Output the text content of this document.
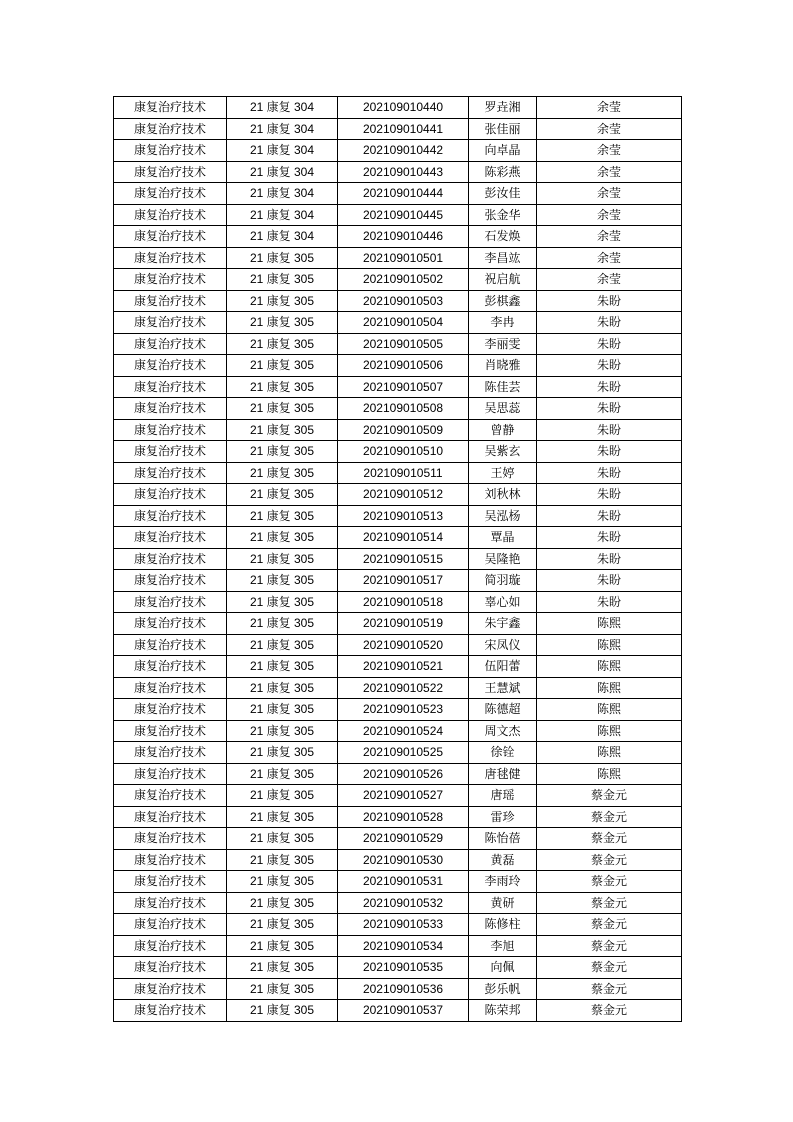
康复治疗技术	21 康复 304	202109010440	罗垚湘	余莹
康复治疗技术	21 康复 304	202109010441	张佳丽	余莹
康复治疗技术	21 康复 304	202109010442	向卓晶	余莹
康复治疗技术	21 康复 304	202109010443	陈彩燕	余莹
康复治疗技术	21 康复 304	202109010444	彭汝佳	余莹
康复治疗技术	21 康复 304	202109010445	张金华	余莹
康复治疗技术	21 康复 304	202109010446	石发焕	余莹
康复治疗技术	21 康复 305	202109010501	李昌竑	余莹
康复治疗技术	21 康复 305	202109010502	祝启航	余莹
康复治疗技术	21 康复 305	202109010503	彭棋鑫	朱盼
康复治疗技术	21 康复 305	202109010504	李冉	朱盼
康复治疗技术	21 康复 305	202109010505	李丽雯	朱盼
康复治疗技术	21 康复 305	202109010506	肖晓雅	朱盼
康复治疗技术	21 康复 305	202109010507	陈佳芸	朱盼
康复治疗技术	21 康复 305	202109010508	吴思蕊	朱盼
康复治疗技术	21 康复 305	202109010509	曾静	朱盼
康复治疗技术	21 康复 305	202109010510	吴紫玄	朱盼
康复治疗技术	21 康复 305	202109010511	王婷	朱盼
康复治疗技术	21 康复 305	202109010512	刘秋林	朱盼
康复治疗技术	21 康复 305	202109010513	吴泓杨	朱盼
康复治疗技术	21 康复 305	202109010514	覃晶	朱盼
康复治疗技术	21 康复 305	202109010515	吴隆艳	朱盼
康复治疗技术	21 康复 305	202109010517	简羽璇	朱盼
康复治疗技术	21 康复 305	202109010518	辜心如	朱盼
康复治疗技术	21 康复 305	202109010519	朱宇鑫	陈熙
康复治疗技术	21 康复 305	202109010520	宋凤仪	陈熙
康复治疗技术	21 康复 305	202109010521	伍阳蕾	陈熙
康复治疗技术	21 康复 305	202109010522	王慧斌	陈熙
康复治疗技术	21 康复 305	202109010523	陈德超	陈熙
康复治疗技术	21 康复 305	202109010524	周文杰	陈熙
康复治疗技术	21 康复 305	202109010525	徐铨	陈熙
康复治疗技术	21 康复 305	202109010526	唐毬健	陈熙
康复治疗技术	21 康复 305	202109010527	唐瑶	蔡金元
康复治疗技术	21 康复 305	202109010528	雷珍	蔡金元
康复治疗技术	21 康复 305	202109010529	陈怡蓓	蔡金元
康复治疗技术	21 康复 305	202109010530	黄磊	蔡金元
康复治疗技术	21 康复 305	202109010531	李雨玲	蔡金元
康复治疗技术	21 康复 305	202109010532	黄研	蔡金元
康复治疗技术	21 康复 305	202109010533	陈修柱	蔡金元
康复治疗技术	21 康复 305	202109010534	李旭	蔡金元
康复治疗技术	21 康复 305	202109010535	向佩	蔡金元
康复治疗技术	21 康复 305	202109010536	彭乐帆	蔡金元
康复治疗技术	21 康复 305	202109010537	陈荣邦	蔡金元
